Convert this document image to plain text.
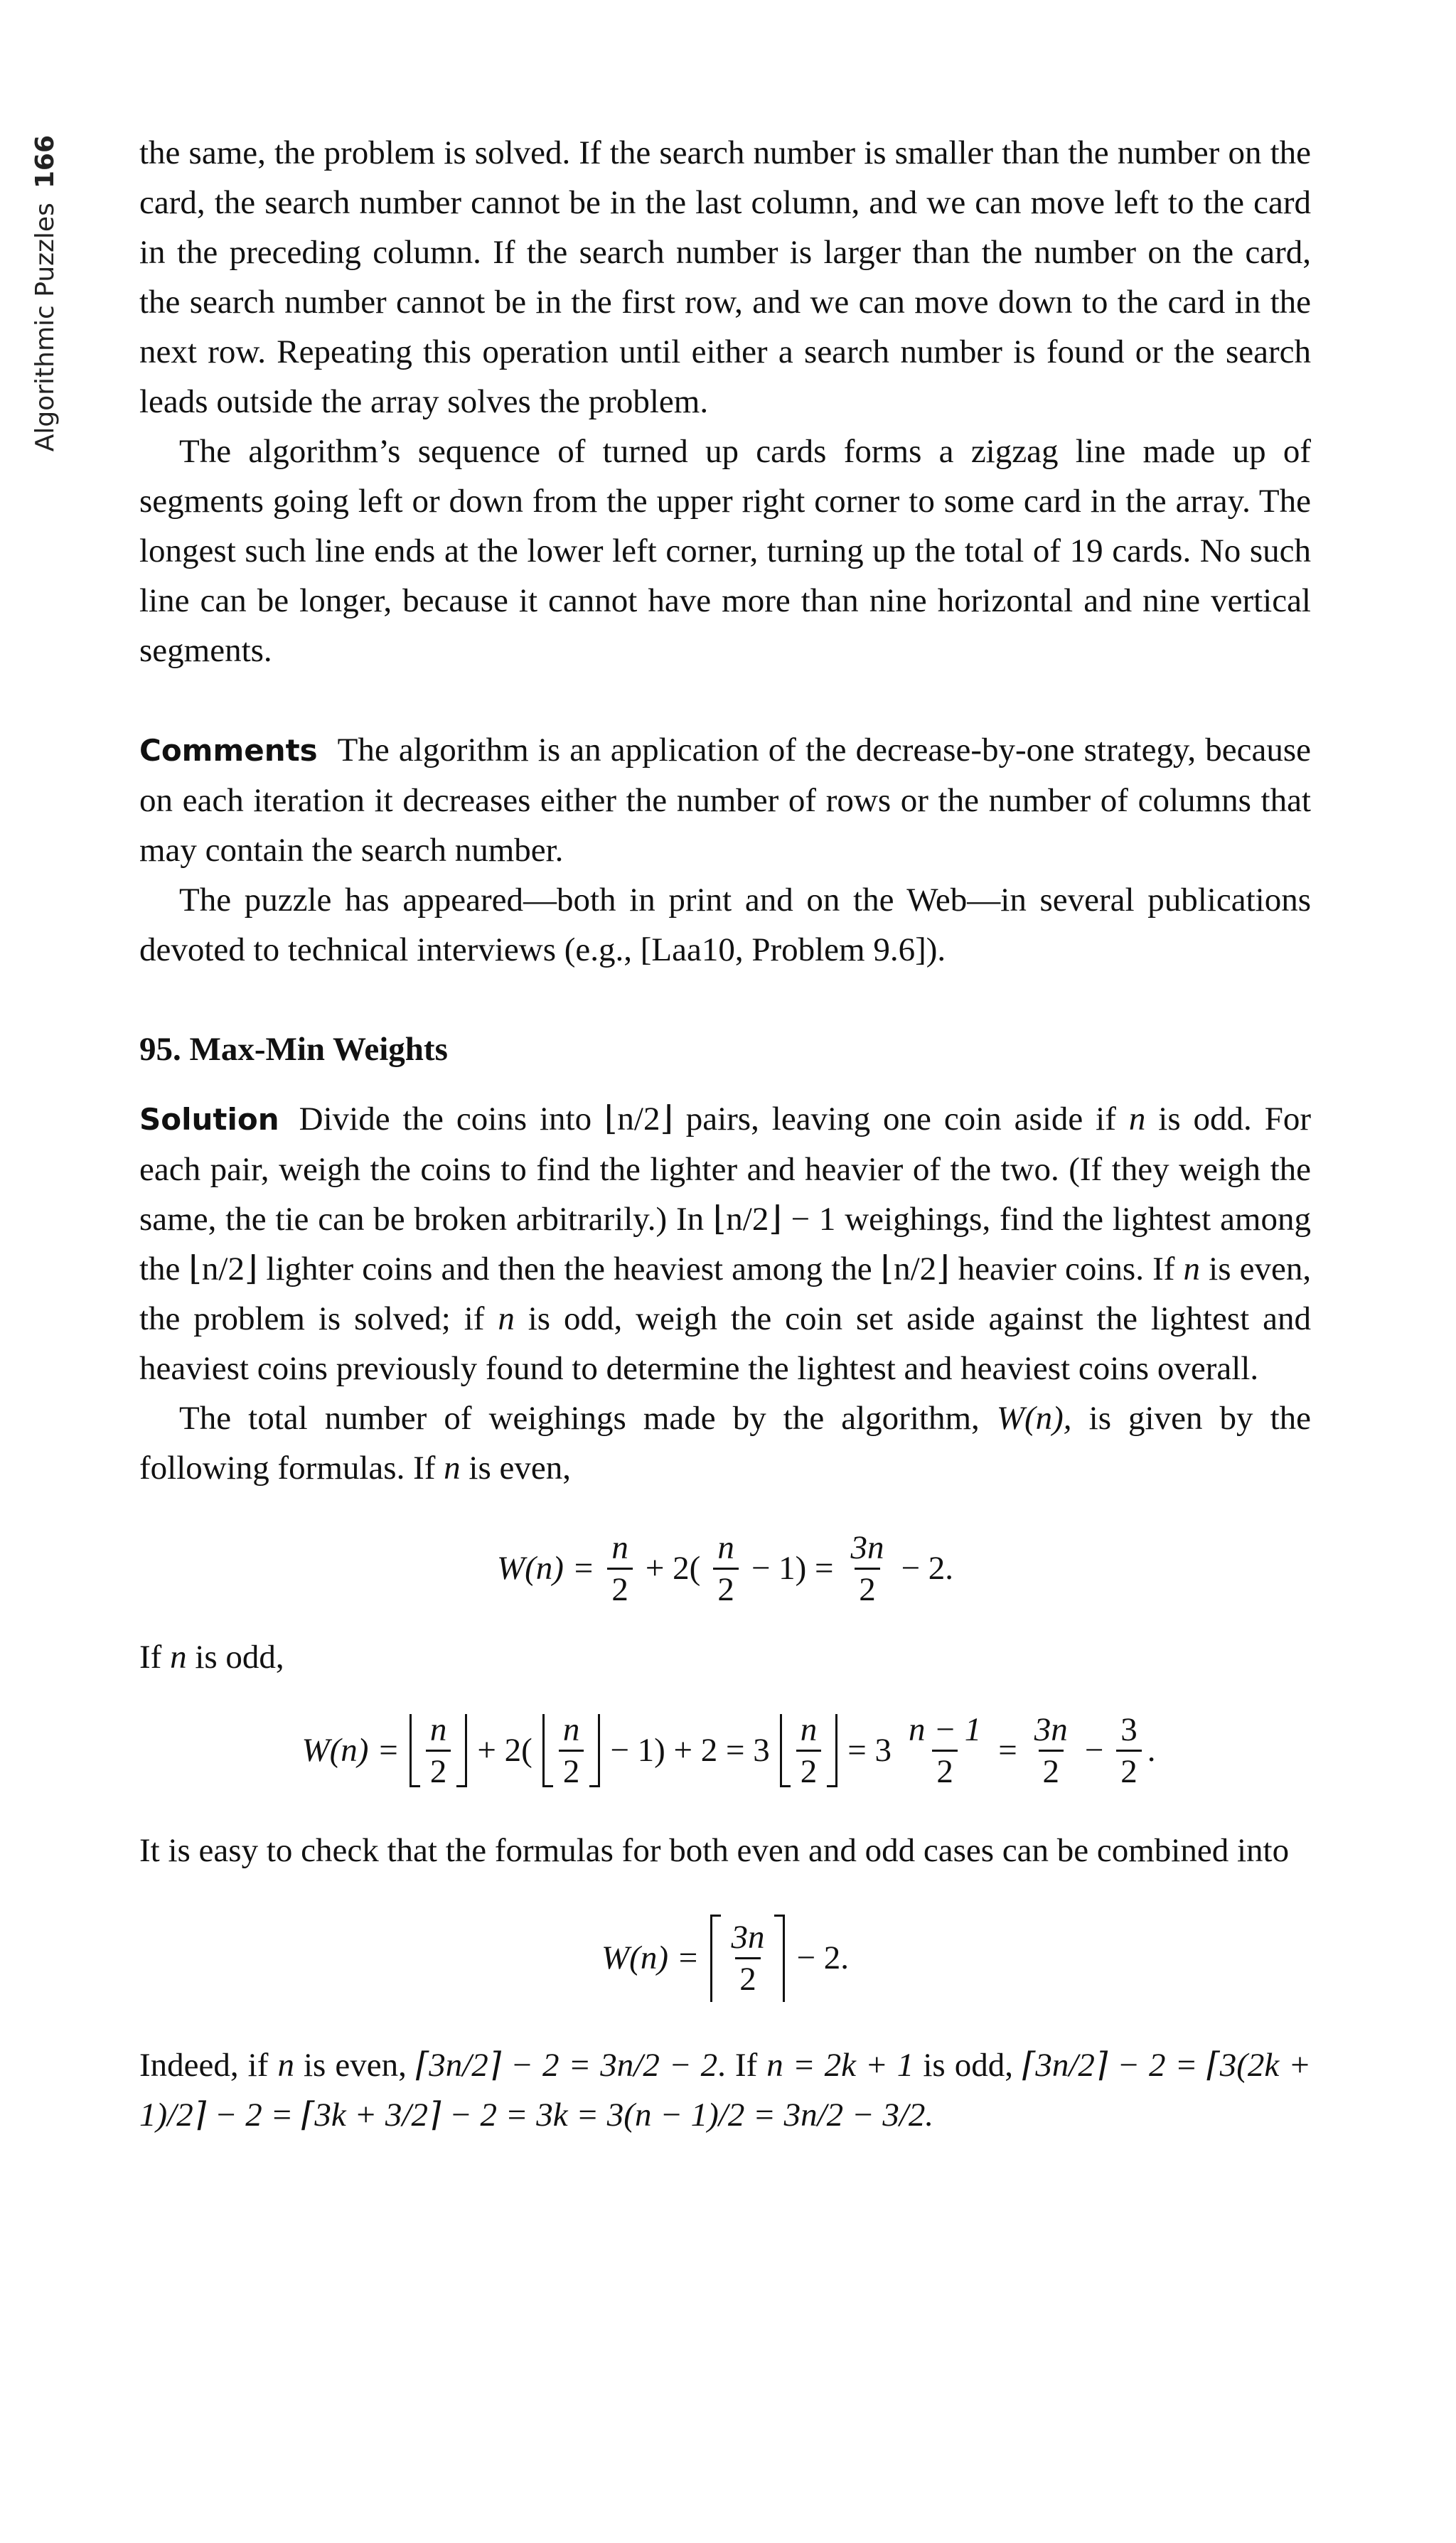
Algorithmic Puzzles166 the same, the problem is solved. If the search number is smaller than the number on the card, the search number cannot be in the last column, and we can move left to the card in the preceding column. If the search number is larger than the number on the card, the search number cannot be in the first row, and we can move down to the card in the next row. Repeating this operation until either a search number is found or the search leads outside the array solves the problem.

The algorithm’s sequence of turned up cards forms a zigzag line made up of segments going left or down from the upper right corner to some card in the array. The longest such line ends at the lower left corner, turning up the total of 19 cards. No such line can be longer, because it cannot have more than nine horizontal and nine vertical segments.

Comments The algorithm is an application of the decrease-by-one strategy, because on each iteration it decreases either the number of rows or the number of columns that may contain the search number.

The puzzle has appeared—both in print and on the Web—in several publications devoted to technical interviews (e.g., [Laa10, Problem 9.6]).

95. Max-Min Weights

Solution Divide the coins into ⌊n/2⌋ pairs, leaving one coin aside if n is odd. For each pair, weigh the coins to find the lighter and heavier of the two. (If they weigh the same, the tie can be broken arbitrarily.) In ⌊n/2⌋ − 1 weighings, find the lightest among the ⌊n/2⌋ lighter coins and then the heaviest among the ⌊n/2⌋ heavier coins. If n is even, the problem is solved; if n is odd, weigh the coin set aside against the lightest and heaviest coins previously found to determine the lightest and heaviest coins overall.

The total number of weighings made by the algorithm, W(n), is given by the following formulas. If n is even,

$W(n) = \frac{n}{2} + 2( \frac{n}{2} - 1) = \frac{3n}{2} - 2$.

If n is odd,

$W(n) = \frac{n}{2} + 2( \frac{n}{2} - 1) + 2 = 3 \frac{n}{2} = 3 \frac{n - 1}{2} = \frac{3n}{2} - \frac{3}{2}$ .

It is easy to check that the formulas for both even and odd cases can be combined into

$W(n) = \frac{3n}{2} - 2$.

Indeed, if n is even, ⌈3n/2⌉ − 2 = 3n/2 − 2. If n = 2k + 1 is odd, ⌈3n/2⌉ − 2 = ⌈3(2k + 1)/2⌉ − 2 = ⌈3k + 3/2⌉ − 2 = 3k = 3(n − 1)/2 = 3n/2 − 3/2.
